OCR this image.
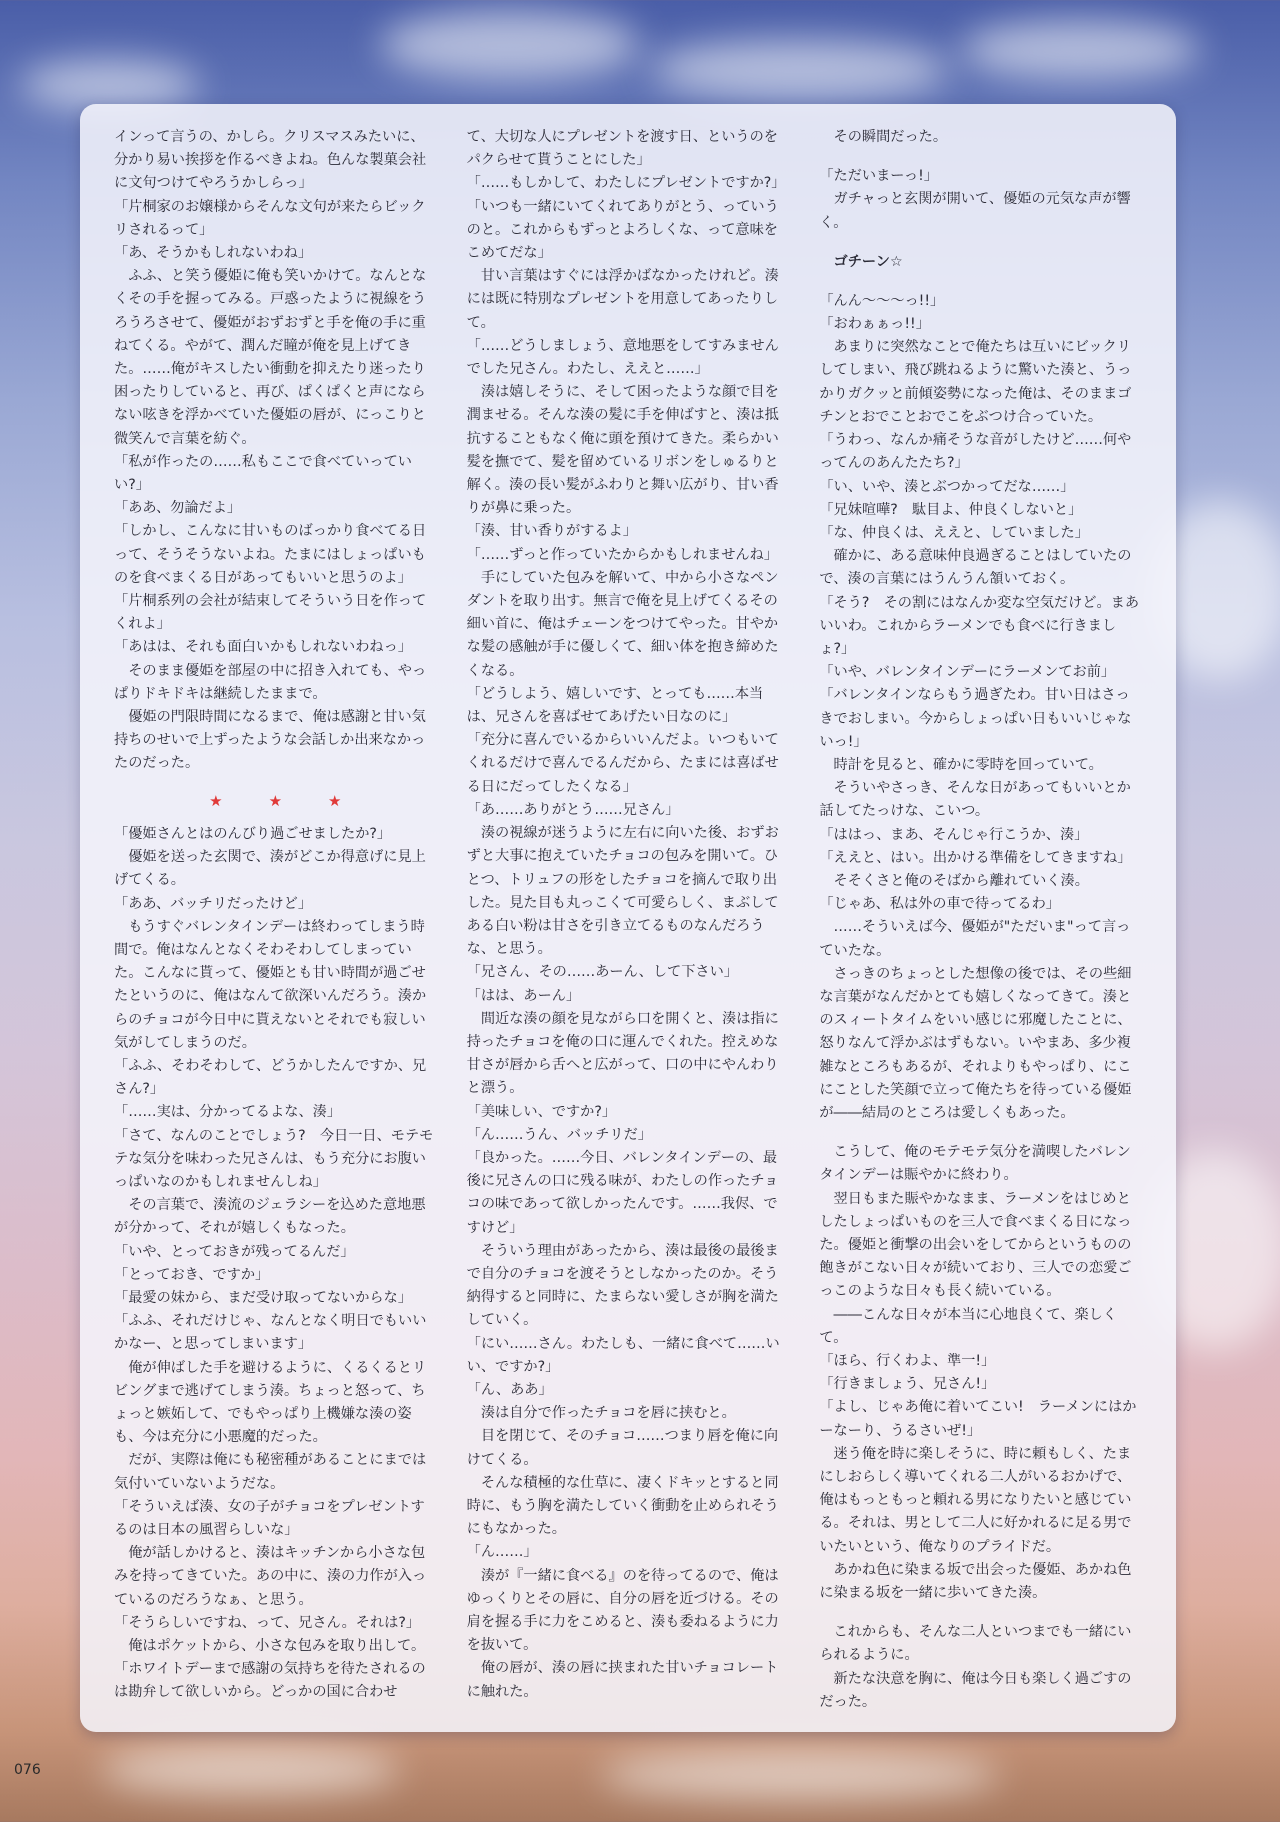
インって言うの、かしら。クリスマスみたいに、分かり易い挨拶を作るべきよね。色んな製菓会社に文句つけてやろうかしらっ」

「片桐家のお嬢様からそんな文句が来たらビックリされるって」

「あ、そうかもしれないわね」

ふふ、と笑う優姫に俺も笑いかけて。なんとなくその手を握ってみる。戸惑ったように視線をうろうろさせて、優姫がおずおずと手を俺の手に重ねてくる。やがて、潤んだ瞳が俺を見上げてきた。……俺がキスしたい衝動を抑えたり迷ったり困ったりしていると、再び、ぱくぱくと声にならない呟きを浮かべていた優姫の唇が、にっこりと微笑んで言葉を紡ぐ。

「私が作ったの……私もここで食べていっていい?」

「ああ、勿論だよ」

「しかし、こんなに甘いものばっかり食べてる日って、そうそうないよね。たまにはしょっぱいものを食べまくる日があってもいいと思うのよ」

「片桐系列の会社が結束してそういう日を作ってくれよ」

「あはは、それも面白いかもしれないわねっ」

そのまま優姫を部屋の中に招き入れても、やっぱりドキドキは継続したままで。

優姫の門限時間になるまで、俺は感謝と甘い気持ちのせいで上ずったような会話しか出来なかったのだった。

★★★

「優姫さんとはのんびり過ごせましたか?」

優姫を送った玄関で、湊がどこか得意げに見上げてくる。

「ああ、バッチリだったけど」

もうすぐバレンタインデーは終わってしまう時間で。俺はなんとなくそわそわしてしまっていた。こんなに貰って、優姫とも甘い時間が過ごせたというのに、俺はなんて欲深いんだろう。湊からのチョコが今日中に貰えないとそれでも寂しい気がしてしまうのだ。

「ふふ、そわそわして、どうかしたんですか、兄さん?」

「……実は、分かってるよな、湊」

「さて、なんのことでしょう?　今日一日、モテモテな気分を味わった兄さんは、もう充分にお腹いっぱいなのかもしれませんしね」

その言葉で、湊流のジェラシーを込めた意地悪が分かって、それが嬉しくもなった。

「いや、とっておきが残ってるんだ」

「とっておき、ですか」

「最愛の妹から、まだ受け取ってないからな」

「ふふ、それだけじゃ、なんとなく明日でもいいかなー、と思ってしまいます」

俺が伸ばした手を避けるように、くるくるとリビングまで逃げてしまう湊。ちょっと怒って、ちょっと嫉妬して、でもやっぱり上機嫌な湊の姿も、今は充分に小悪魔的だった。

だが、実際は俺にも秘密種があることにまでは気付いていないようだな。

「そういえば湊、女の子がチョコをプレゼントするのは日本の風習らしいな」

俺が話しかけると、湊はキッチンから小さな包みを持ってきていた。あの中に、湊の力作が入っているのだろうなぁ、と思う。

「そうらしいですね、って、兄さん。それは?」

俺はポケットから、小さな包みを取り出して。

「ホワイトデーまで感謝の気持ちを待たされるのは勘弁して欲しいから。どっかの国に合わせ

て、大切な人にプレゼントを渡す日、というのをパクらせて貰うことにした」

「……もしかして、わたしにプレゼントですか?」

「いつも一緒にいてくれてありがとう、っていうのと。これからもずっとよろしくな、って意味をこめてだな」

甘い言葉はすぐには浮かばなかったけれど。湊には既に特別なプレゼントを用意してあったりして。

「……どうしましょう、意地悪をしてすみませんでした兄さん。わたし、ええと……」

湊は嬉しそうに、そして困ったような顔で目を潤ませる。そんな湊の髪に手を伸ばすと、湊は抵抗することもなく俺に頭を預けてきた。柔らかい髪を撫でて、髪を留めているリボンをしゅるりと解く。湊の長い髪がふわりと舞い広がり、甘い香りが鼻に乗った。

「湊、甘い香りがするよ」

「……ずっと作っていたからかもしれませんね」

手にしていた包みを解いて、中から小さなペンダントを取り出す。無言で俺を見上げてくるその細い首に、俺はチェーンをつけてやった。甘やかな髪の感触が手に優しくて、細い体を抱き締めたくなる。

「どうしよう、嬉しいです、とっても……本当は、兄さんを喜ばせてあげたい日なのに」

「充分に喜んでいるからいいんだよ。いつもいてくれるだけで喜んでるんだから、たまには喜ばせる日にだってしたくなる」

「あ……ありがとう……兄さん」

湊の視線が迷うように左右に向いた後、おずおずと大事に抱えていたチョコの包みを開いて。ひとつ、トリュフの形をしたチョコを摘んで取り出した。見た目も丸っこくて可愛らしく、まぶしてある白い粉は甘さを引き立てるものなんだろうな、と思う。

「兄さん、その……あーん、して下さい」

「はは、あーん」

間近な湊の顔を見ながら口を開くと、湊は指に持ったチョコを俺の口に運んでくれた。控えめな甘さが唇から舌へと広がって、口の中にやんわりと漂う。

「美味しい、ですか?」

「ん……うん、バッチリだ」

「良かった。……今日、バレンタインデーの、最後に兄さんの口に残る味が、わたしの作ったチョコの味であって欲しかったんです。……我侭、ですけど」

そういう理由があったから、湊は最後の最後まで自分のチョコを渡そうとしなかったのか。そう納得すると同時に、たまらない愛しさが胸を満たしていく。

「にい……さん。わたしも、一緒に食べて……いい、ですか?」

「ん、ああ」

湊は自分で作ったチョコを唇に挟むと。

目を閉じて、そのチョコ……つまり唇を俺に向けてくる。

そんな積極的な仕草に、凄くドキッとすると同時に、もう胸を満たしていく衝動を止められそうにもなかった。

「ん……」

湊が『一緒に食べる』のを待ってるので、俺はゆっくりとその唇に、自分の唇を近づける。その肩を握る手に力をこめると、湊も委ねるように力を抜いて。

俺の唇が、湊の唇に挟まれた甘いチョコレートに触れた。

その瞬間だった。

「ただいまーっ!」

ガチャっと玄関が開いて、優姫の元気な声が響く。

ゴチーン☆

「んん～～～っ!!」

「おわぁぁっ!!」

あまりに突然なことで俺たちは互いにビックリしてしまい、飛び跳ねるように驚いた湊と、うっかりガクッと前傾姿勢になった俺は、そのままゴチンとおでことおでこをぶつけ合っていた。

「うわっ、なんか痛そうな音がしたけど……何やってんのあんたたち?」

「い、いや、湊とぶつかってだな……」

「兄妹喧嘩?　駄目よ、仲良くしないと」

「な、仲良くは、ええと、していました」

確かに、ある意味仲良過ぎることはしていたので、湊の言葉にはうんうん頷いておく。

「そう?　その割にはなんか変な空気だけど。まあいいわ。これからラーメンでも食べに行きましょ?」

「いや、バレンタインデーにラーメンてお前」

「バレンタインならもう過ぎたわ。甘い日はさっきでおしまい。今からしょっぱい日もいいじゃないっ!」

時計を見ると、確かに零時を回っていて。

そういやさっき、そんな日があってもいいとか話してたっけな、こいつ。

「ははっ、まあ、そんじゃ行こうか、湊」

「ええと、はい。出かける準備をしてきますね」

そそくさと俺のそばから離れていく湊。

「じゃあ、私は外の車で待ってるわ」

……そういえば今、優姫が"ただいま"って言っていたな。

さっきのちょっとした想像の後では、その些細な言葉がなんだかとても嬉しくなってきて。湊とのスィートタイムをいい感じに邪魔したことに、怒りなんて浮かぶはずもない。いやまあ、多少複雑なところもあるが、それよりもやっぱり、にこにことした笑顔で立って俺たちを待っている優姫が――結局のところは愛しくもあった。

こうして、俺のモテモテ気分を満喫したバレンタインデーは賑やかに終わり。

翌日もまた賑やかなまま、ラーメンをはじめとしたしょっぱいものを三人で食べまくる日になった。優姫と衝撃の出会いをしてからというものの飽きがこない日々が続いており、三人での恋愛ごっこのような日々も長く続いている。

――こんな日々が本当に心地良くて、楽しくて。

「ほら、行くわよ、準一!」

「行きましょう、兄さん!」

「よし、じゃあ俺に着いてこい!　ラーメンにはかーなーり、うるさいぜ!」

迷う俺を時に楽しそうに、時に頼もしく、たまにしおらしく導いてくれる二人がいるおかげで、俺はもっともっと頼れる男になりたいと感じている。それは、男として二人に好かれるに足る男でいたいという、俺なりのプライドだ。

あかね色に染まる坂で出会った優姫、あかね色に染まる坂を一緒に歩いてきた湊。

これからも、そんな二人といつまでも一緒にいられるように。

新たな決意を胸に、俺は今日も楽しく過ごすのだった。

076
